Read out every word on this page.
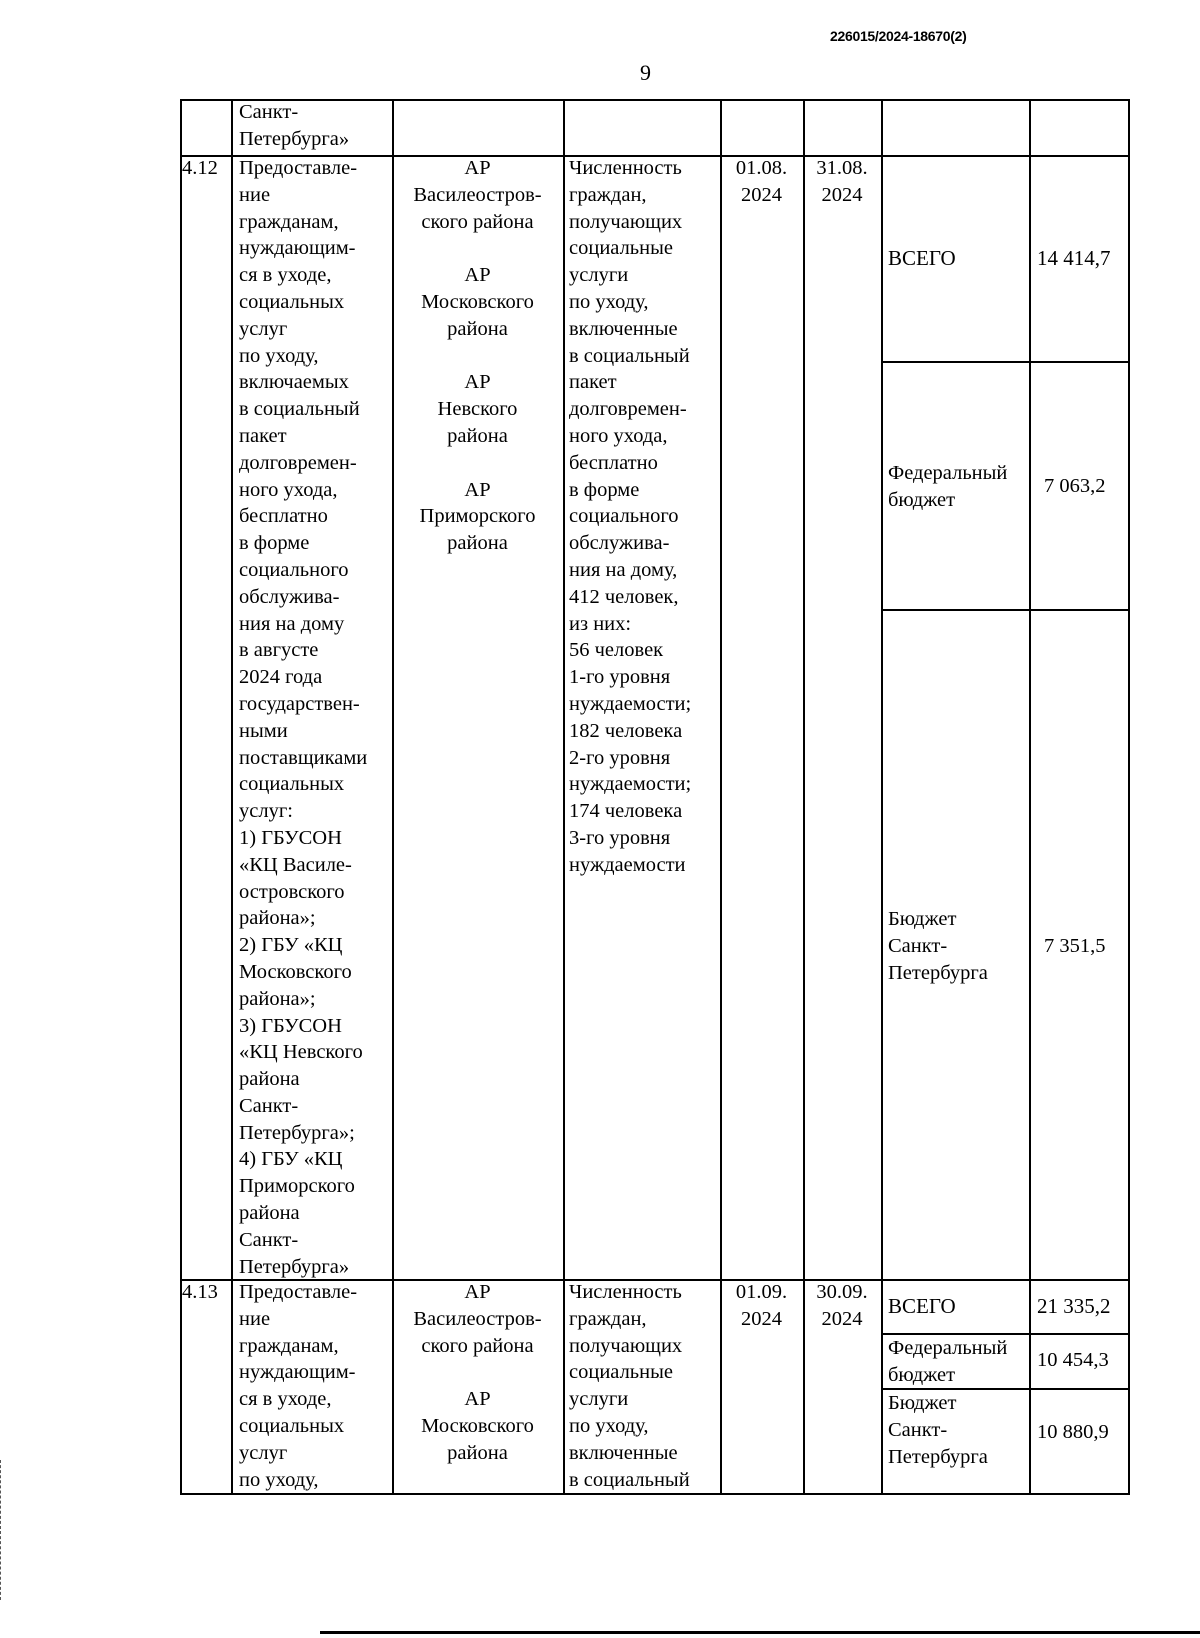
226015/2024-18670(2)
9
Санкт-
Петербурга»
4.12 Предоставле-
ние
гражданам,
нуждающим-
ся в уходе,
социальных
услуг
по уходу,
включаемых
в социальный
пакет
долговремен-
ного ухода,
бесплатно
в форме
социального
обслужива-
ния на дому
в августе
2024 года
государствен-
ными
поставщиками
социальных
услуг:
1) ГБУСОН
«КЦ Василе-
островского
района»;
2) ГБУ «КЦ
Московского
района»;
3) ГБУСОН
«КЦ Невского
района
Санкт-
Петербурга»;
4) ГБУ «КЦ
Приморского
района
Санкт-
Петербурга»
АР
Василеостров-
ского района

АР
Московского
района

АР
Невского
района

АР
Приморского
района
Численность
граждан,
получающих
социальные
услуги
по уходу,
включенные
в социальный
пакет
долговремен-
ного ухода,
бесплатно
в форме
социального
обслужива-
ния на дому,
412 человек,
из них:
56 человек
1-го уровня
нуждаемости;
182 человека
2-го уровня
нуждаемости;
174 человека
3-го уровня
нуждаемости
01.08.
2024
31.08.
2024
ВСЕГО	14 414,7
Федеральный
бюджет
7 063,2
Бюджет
Санкт-
Петербурга
7 351,5
4.13 Предоставле-
ние
гражданам,
нуждающим-
ся в уходе,
социальных
услуг
по уходу,
АР
Василеостров-
ского района

АР
Московского
района
Численность
граждан,
получающих
социальные
услуги
по уходу,
включенные
в социальный
01.09.
2024
30.09.
2024
ВСЕГО	21 335,2
Федеральный
бюджет
10 454,3
Бюджет
Санкт-
Петербурга
10 880,9
